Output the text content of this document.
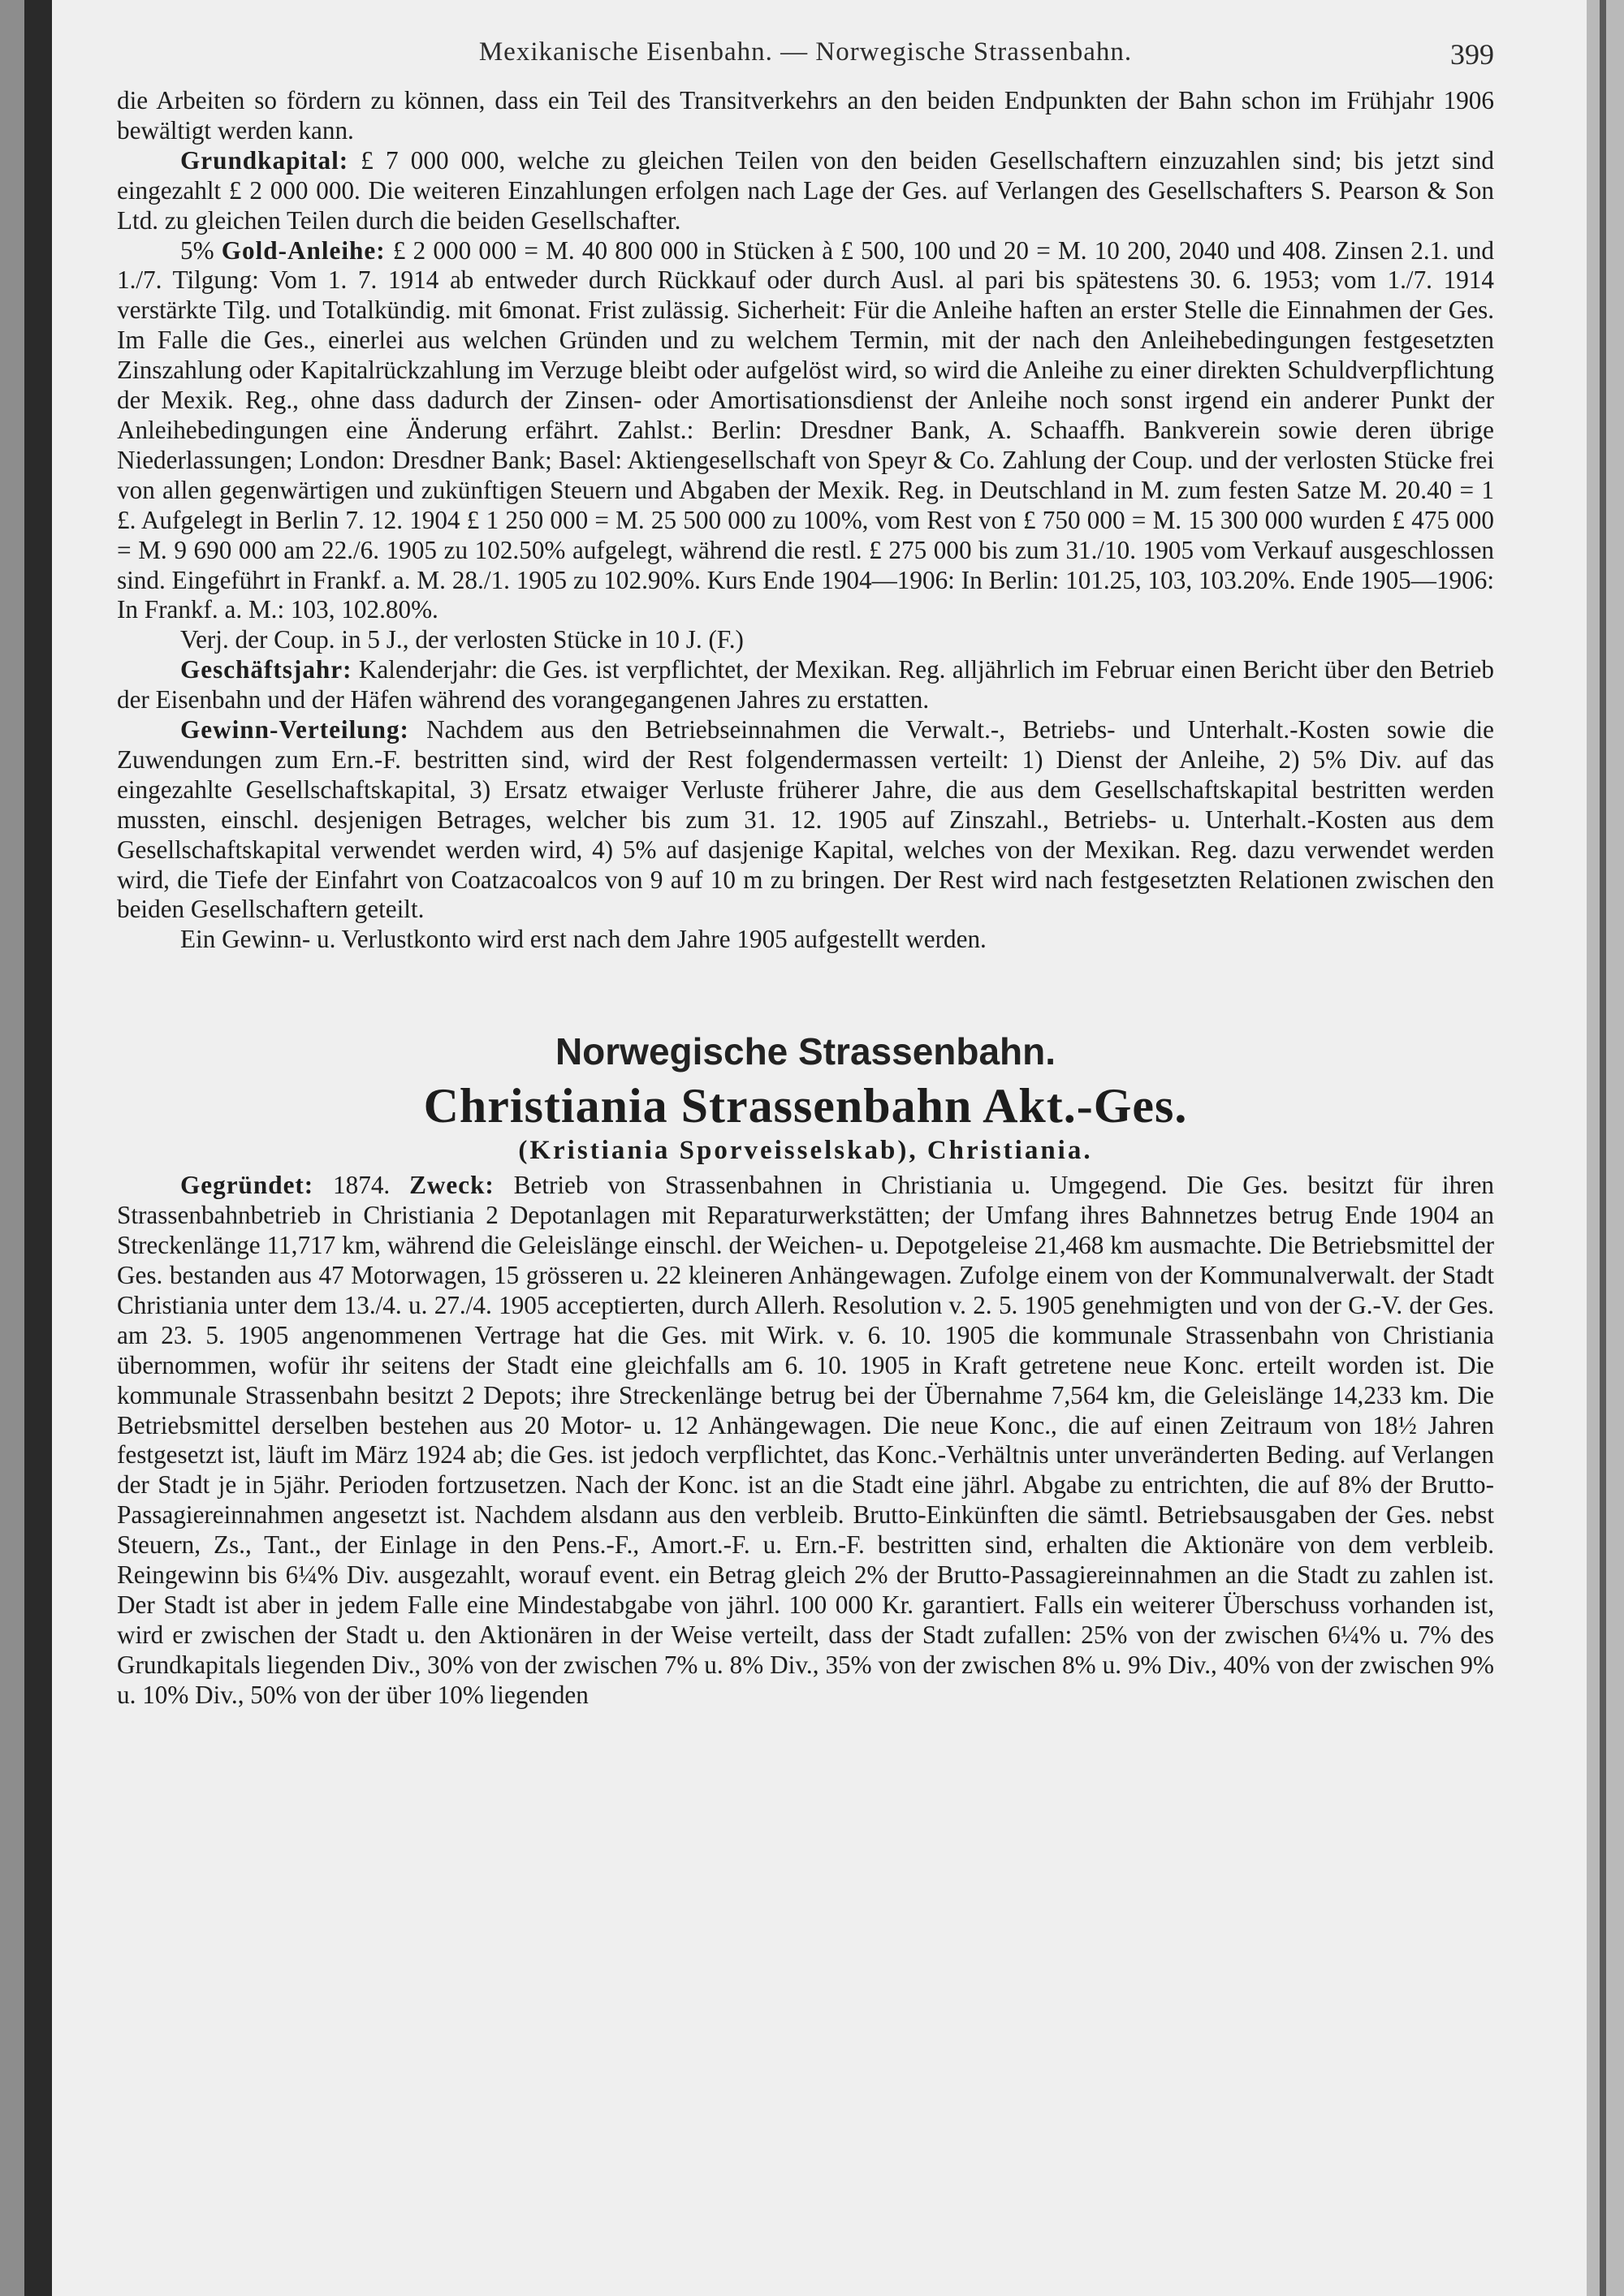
Mexikanische Eisenbahn. — Norwegische Strassenbahn.	399

die Arbeiten so fördern zu können, dass ein Teil des Transitverkehrs an den beiden Endpunkten der Bahn schon im Frühjahr 1906 bewältigt werden kann.

Grundkapital: £ 7 000 000, welche zu gleichen Teilen von den beiden Gesellschaftern einzuzahlen sind; bis jetzt sind eingezahlt £ 2 000 000. Die weiteren Einzahlungen erfolgen nach Lage der Ges. auf Verlangen des Gesellschafters S. Pearson & Son Ltd. zu gleichen Teilen durch die beiden Gesellschafter.

5% Gold-Anleihe: £ 2 000 000 = M. 40 800 000 in Stücken à £ 500, 100 und 20 = M. 10 200, 2040 und 408. Zinsen 2.1. und 1./7. Tilgung: Vom 1. 7. 1914 ab entweder durch Rückkauf oder durch Ausl. al pari bis spätestens 30. 6. 1953; vom 1./7. 1914 verstärkte Tilg. und Totalkündig. mit 6monat. Frist zulässig. Sicherheit: Für die Anleihe haften an erster Stelle die Einnahmen der Ges. Im Falle die Ges., einerlei aus welchen Gründen und zu welchem Termin, mit der nach den Anleihebedingungen festgesetzten Zinszahlung oder Kapitalrückzahlung im Verzuge bleibt oder aufgelöst wird, so wird die Anleihe zu einer direkten Schuldverpflichtung der Mexik. Reg., ohne dass dadurch der Zinsen- oder Amortisationsdienst der Anleihe noch sonst irgend ein anderer Punkt der Anleihebedingungen eine Änderung erfährt. Zahlst.: Berlin: Dresdner Bank, A. Schaaffh. Bankverein sowie deren übrige Niederlassungen; London: Dresdner Bank; Basel: Aktiengesellschaft von Speyr & Co. Zahlung der Coup. und der verlosten Stücke frei von allen gegenwärtigen und zukünftigen Steuern und Abgaben der Mexik. Reg. in Deutschland in M. zum festen Satze M. 20.40 = 1 £. Aufgelegt in Berlin 7. 12. 1904 £ 1 250 000 = M. 25 500 000 zu 100%, vom Rest von £ 750 000 = M. 15 300 000 wurden £ 475 000 = M. 9 690 000 am 22./6. 1905 zu 102.50% aufgelegt, während die restl. £ 275 000 bis zum 31./10. 1905 vom Verkauf ausgeschlossen sind. Eingeführt in Frankf. a. M. 28./1. 1905 zu 102.90%. Kurs Ende 1904—1906: In Berlin: 101.25, 103, 103.20%. Ende 1905—1906: In Frankf. a. M.: 103, 102.80%.

Verj. der Coup. in 5 J., der verlosten Stücke in 10 J. (F.)

Geschäftsjahr: Kalenderjahr: die Ges. ist verpflichtet, der Mexikan. Reg. alljährlich im Februar einen Bericht über den Betrieb der Eisenbahn und der Häfen während des vorangegangenen Jahres zu erstatten.

Gewinn-Verteilung: Nachdem aus den Betriebseinnahmen die Verwalt.-, Betriebs- und Unterhalt.-Kosten sowie die Zuwendungen zum Ern.-F. bestritten sind, wird der Rest folgendermassen verteilt: 1) Dienst der Anleihe, 2) 5% Div. auf das eingezahlte Gesellschaftskapital, 3) Ersatz etwaiger Verluste früherer Jahre, die aus dem Gesellschaftskapital bestritten werden mussten, einschl. desjenigen Betrages, welcher bis zum 31. 12. 1905 auf Zinszahl., Betriebs- u. Unterhalt.-Kosten aus dem Gesellschaftskapital verwendet werden wird, 4) 5% auf dasjenige Kapital, welches von der Mexikan. Reg. dazu verwendet werden wird, die Tiefe der Einfahrt von Coatzacoalcos von 9 auf 10 m zu bringen. Der Rest wird nach festgesetzten Relationen zwischen den beiden Gesellschaftern geteilt.

Ein Gewinn- u. Verlustkonto wird erst nach dem Jahre 1905 aufgestellt werden.

Norwegische Strassenbahn.
Christiania Strassenbahn Akt.-Ges.
(Kristiania Sporveisselskab), Christiania.

Gegründet: 1874. Zweck: Betrieb von Strassenbahnen in Christiania u. Umgegend. Die Ges. besitzt für ihren Strassenbahnbetrieb in Christiania 2 Depotanlagen mit Reparaturwerkstätten; der Umfang ihres Bahnnetzes betrug Ende 1904 an Streckenlänge 11,717 km, während die Geleislänge einschl. der Weichen- u. Depotgeleise 21,468 km ausmachte. Die Betriebsmittel der Ges. bestanden aus 47 Motorwagen, 15 grösseren u. 22 kleineren Anhängewagen. Zufolge einem von der Kommunalverwalt. der Stadt Christiania unter dem 13./4. u. 27./4. 1905 acceptierten, durch Allerh. Resolution v. 2. 5. 1905 genehmigten und von der G.-V. der Ges. am 23. 5. 1905 angenommenen Vertrage hat die Ges. mit Wirk. v. 6. 10. 1905 die kommunale Strassenbahn von Christiania übernommen, wofür ihr seitens der Stadt eine gleichfalls am 6. 10. 1905 in Kraft getretene neue Konc. erteilt worden ist. Die kommunale Strassenbahn besitzt 2 Depots; ihre Streckenlänge betrug bei der Übernahme 7,564 km, die Geleislänge 14,233 km. Die Betriebsmittel derselben bestehen aus 20 Motor- u. 12 Anhängewagen. Die neue Konc., die auf einen Zeitraum von 18½ Jahren festgesetzt ist, läuft im März 1924 ab; die Ges. ist jedoch verpflichtet, das Konc.-Verhältnis unter unveränderten Beding. auf Verlangen der Stadt je in 5jähr. Perioden fortzusetzen. Nach der Konc. ist an die Stadt eine jährl. Abgabe zu entrichten, die auf 8% der Brutto-Passagiereinnahmen angesetzt ist. Nachdem alsdann aus den verbleib. Brutto-Einkünften die sämtl. Betriebsausgaben der Ges. nebst Steuern, Zs., Tant., der Einlage in den Pens.-F., Amort.-F. u. Ern.-F. bestritten sind, erhalten die Aktionäre von dem verbleib. Reingewinn bis 6¼% Div. ausgezahlt, worauf event. ein Betrag gleich 2% der Brutto-Passagiereinnahmen an die Stadt zu zahlen ist. Der Stadt ist aber in jedem Falle eine Mindestabgabe von jährl. 100 000 Kr. garantiert. Falls ein weiterer Überschuss vorhanden ist, wird er zwischen der Stadt u. den Aktionären in der Weise verteilt, dass der Stadt zufallen: 25% von der zwischen 6¼% u. 7% des Grundkapitals liegenden Div., 30% von der zwischen 7% u. 8% Div., 35% von der zwischen 8% u. 9% Div., 40% von der zwischen 9% u. 10% Div., 50% von der über 10% liegenden
